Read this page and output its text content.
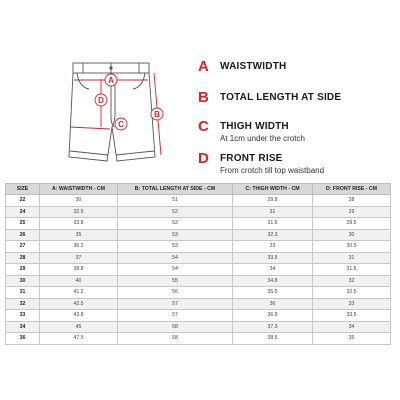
A
B
C
D
A	WAISTWIDTH
B	TOTAL LENGTH AT SIDE
C	THIGH WIDTH
At 1cm under the crotch
D	FRONT RISE
From crotch till top waistband
SIZE	A: WAISTWIDTH - CM	B: TOTAL LENGTH AT SIDE - CM	C: THIGH WIDTH - CM	D: FRONT RISE - CM
22	30	51	29.8	28
24	32.5	52	31	29
25	33.8	52	31.6	29.5
26	35	53	32.3	30
27	36.2	53	33	30.5
28	37	54	33.5	31
29	38.8	54	34	31.5
30	40	55	34.8	32
31	41.2	56	35.5	32.5
32	42.5	57	36	33
33	43.8	57	36.5	33.5
34	45	58	37.3	34
36	47.5	58	38.5	35
